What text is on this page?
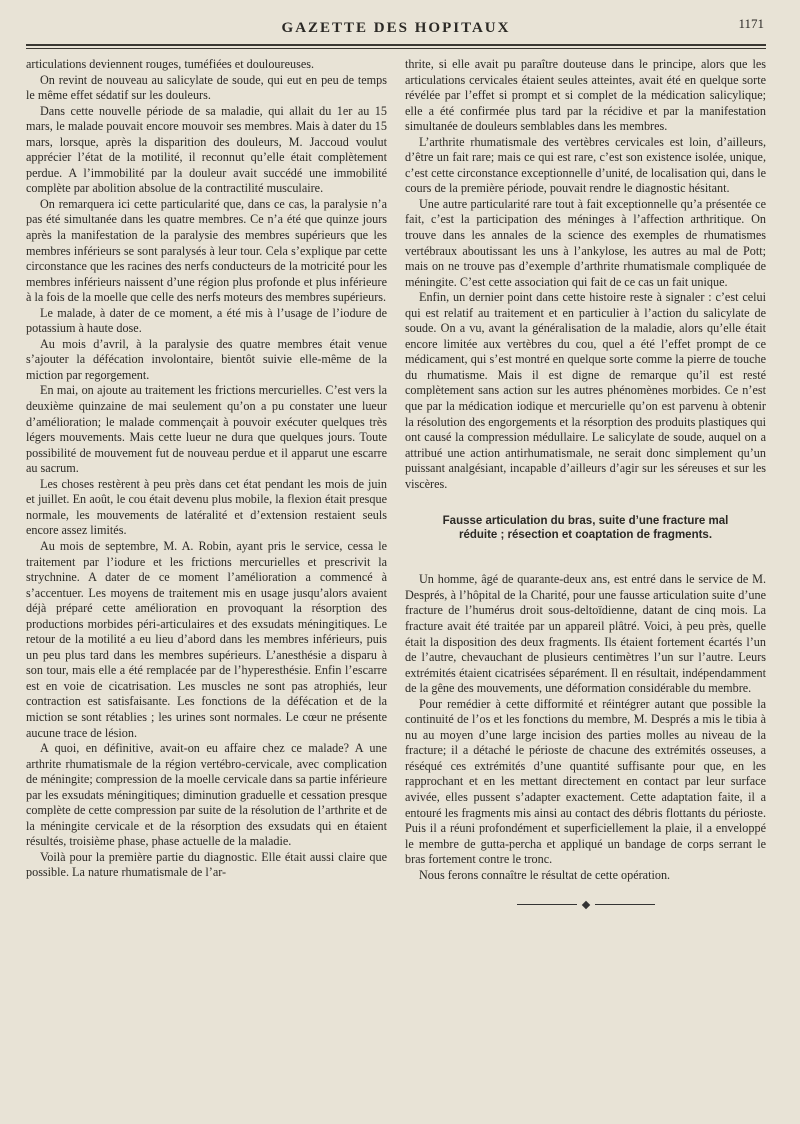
GAZETTE DES HOPITAUX	1171

articulations deviennent rouges, tuméfiées et douloureuses.

On revint de nouveau au salicylate de soude, qui eut en peu de temps le même effet sédatif sur les douleurs.

Dans cette nouvelle période de sa maladie, qui allait du 1er au 15 mars, le malade pouvait encore mouvoir ses membres. Mais à dater du 15 mars, lorsque, après la disparition des douleurs, M. Jaccoud voulut apprécier l’état de la motilité, il reconnut qu’elle était complètement perdue. A l’immobilité par la douleur avait succédé une immobilité complète par abolition absolue de la contractilité musculaire.

On remarquera ici cette particularité que, dans ce cas, la paralysie n’a pas été simultanée dans les quatre membres. Ce n’a été que quinze jours après la manifestation de la paralysie des membres supérieurs que les membres inférieurs se sont paralysés à leur tour. Cela s’explique par cette circonstance que les racines des nerfs conducteurs de la motricité pour les membres inférieurs naissent d’une région plus profonde et plus inférieure à la fois de la moelle que celle des nerfs moteurs des membres supérieurs.

Le malade, à dater de ce moment, a été mis à l’usage de l’iodure de potassium à haute dose.

Au mois d’avril, à la paralysie des quatre membres était venue s’ajouter la défécation involontaire, bientôt suivie elle-même de la miction par regorgement.

En mai, on ajoute au traitement les frictions mercurielles. C’est vers la deuxième quinzaine de mai seulement qu’on a pu constater une lueur d’amélioration; le malade commençait à pouvoir exécuter quelques très légers mouvements. Mais cette lueur ne dura que quelques jours. Toute possibilité de mouvement fut de nouveau perdue et il apparut une escarre au sacrum.

Les choses restèrent à peu près dans cet état pendant les mois de juin et juillet. En août, le cou était devenu plus mobile, la flexion était presque normale, les mouvements de latéralité et d’extension restaient seuls encore assez limités.

Au mois de septembre, M. A. Robin, ayant pris le service, cessa le traitement par l’iodure et les frictions mercurielles et prescrivit la strychnine. A dater de ce moment l’amélioration a commencé à s’accentuer. Les moyens de traitement mis en usage jusqu’alors avaient déjà préparé cette amélioration en provoquant la résorption des productions morbides péri-articulaires et des exsudats méningitiques. Le retour de la motilité a eu lieu d’abord dans les membres inférieurs, puis un peu plus tard dans les membres supérieurs. L’anesthésie a disparu à son tour, mais elle a été remplacée par de l’hyperesthésie. Enfin l’escarre est en voie de cicatrisation. Les muscles ne sont pas atrophiés, leur contraction est satisfaisante. Les fonctions de la défécation et de la miction se sont rétablies ; les urines sont normales. Le cœur ne présente aucune trace de lésion.

A quoi, en définitive, avait-on eu affaire chez ce malade? A une arthrite rhumatismale de la région vertébro-cervicale, avec complication de méningite; compression de la moelle cervicale dans sa partie inférieure par les exsudats méningitiques; diminution graduelle et cessation presque complète de cette compression par suite de la résolution de l’arthrite et de la méningite cervicale et de la résorption des exsudats qui en étaient résultés, troisième phase, phase actuelle de la maladie.

Voilà pour la première partie du diagnostic. Elle était aussi claire que possible. La nature rhumatismale de l’ar-

thrite, si elle avait pu paraître douteuse dans le principe, alors que les articulations cervicales étaient seules atteintes, avait été en quelque sorte révélée par l’effet si prompt et si complet de la médication salicylique; elle a été confirmée plus tard par la récidive et par la manifestation simultanée de douleurs semblables dans les membres.

L’arthrite rhumatismale des vertèbres cervicales est loin, d’ailleurs, d’être un fait rare; mais ce qui est rare, c’est son existence isolée, unique, c’est cette circonstance exceptionnelle d’unité, de localisation qui, dans le cours de la première période, pouvait rendre le diagnostic hésitant.

Une autre particularité rare tout à fait exceptionnelle qu’a présentée ce fait, c’est la participation des méninges à l’affection arthritique. On trouve dans les annales de la science des exemples de rhumatismes vertébraux aboutissant les uns à l’ankylose, les autres au mal de Pott; mais on ne trouve pas d’exemple d’arthrite rhumatismale compliquée de méningite. C’est cette association qui fait de ce cas un fait unique.

Enfin, un dernier point dans cette histoire reste à signaler : c’est celui qui est relatif au traitement et en particulier à l’action du salicylate de soude. On a vu, avant la généralisation de la maladie, alors qu’elle était encore limitée aux vertèbres du cou, quel a été l’effet prompt de ce médicament, qui s’est montré en quelque sorte comme la pierre de touche du rhumatisme. Mais il est digne de remarque qu’il est resté complètement sans action sur les autres phénomènes morbides. Ce n’est que par la médication iodique et mercurielle qu’on est parvenu à obtenir la résolution des engorgements et la résorption des produits plastiques qui ont causé la compression médullaire. Le salicylate de soude, auquel on a attribué une action antirhumatismale, ne serait donc simplement qu’un puissant analgésiant, incapable d’ailleurs d’agir sur les séreuses et sur les viscères.

Fausse articulation du bras, suite d’une fracture mal
réduite ; résection et coaptation de fragments.

Un homme, âgé de quarante-deux ans, est entré dans le service de M. Després, à l’hôpital de la Charité, pour une fausse articulation suite d’une fracture de l’humérus droit sous-deltoïdienne, datant de cinq mois. La fracture avait été traitée par un appareil plâtré. Voici, à peu près, quelle était la disposition des deux fragments. Ils étaient fortement écartés l’un de l’autre, chevauchant de plusieurs centimètres l’un sur l’autre. Leurs extrémités étaient cicatrisées séparément. Il en résultait, indépendamment de la gêne des mouvements, une déformation considérable du membre.

Pour remédier à cette difformité et réintégrer autant que possible la continuité de l’os et les fonctions du membre, M. Després a mis le tibia à nu au moyen d’une large incision des parties molles au niveau de la fracture; il a détaché le périoste de chacune des extrémités osseuses, a réséqué ces extrémités d’une quantité suffisante pour que, en les rapprochant et en les mettant directement en contact par leur surface avivée, elles pussent s’adapter exactement. Cette adaptation faite, il a entouré les fragments mis ainsi au contact des débris flottants du périoste. Puis il a réuni profondément et superficiellement la plaie, il a enveloppé le membre de gutta-percha et appliqué un bandage de corps serrant le bras fortement contre le tronc.

Nous ferons connaître le résultat de cette opération.
